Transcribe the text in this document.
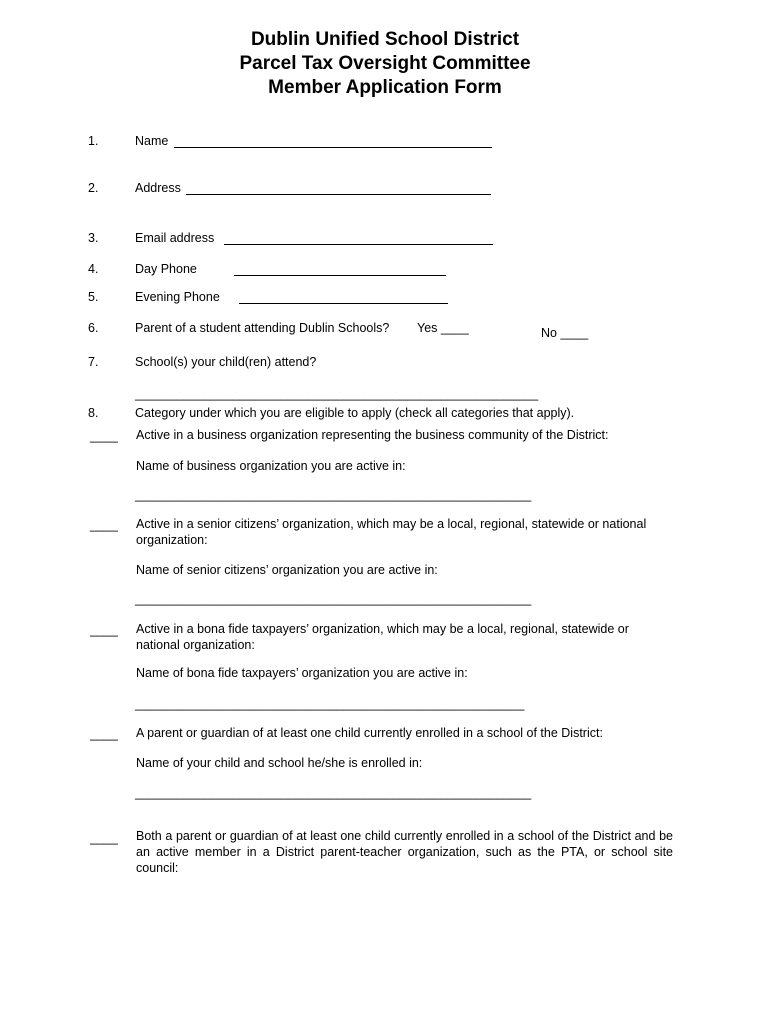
Dublin Unified School District
Parcel Tax Oversight Committee
Member Application Form
1.	Name
2.	Address
3.	Email address
4.	Day Phone
5.	Evening Phone
6.	Parent of a student attending Dublin Schools? Yes ____	No ____
7.	School(s) your child(ren) attend?
__________________________________________________________
8.	Category under which you are eligible to apply (check all categories that apply).
____ Active in a business organization representing the business community of the District:
Name of business organization you are active in:
_________________________________________________________
____ Active in a senior citizens’ organization, which may be a local, regional, statewide or national organization:
Name of senior citizens’ organization you are active in:
_________________________________________________________
____ Active in a bona fide taxpayers’ organization, which may be a local, regional, statewide or national organization:
Name of bona fide taxpayers’ organization you are active in:
________________________________________________________
____ A parent or guardian of at least one child currently enrolled in a school of the District:
Name of your child and school he/she is enrolled in:
_________________________________________________________
____ Both a parent or guardian of at least one child currently enrolled in a school of the District and be an active member in a District parent-teacher organization, such as the PTA, or school site council:
